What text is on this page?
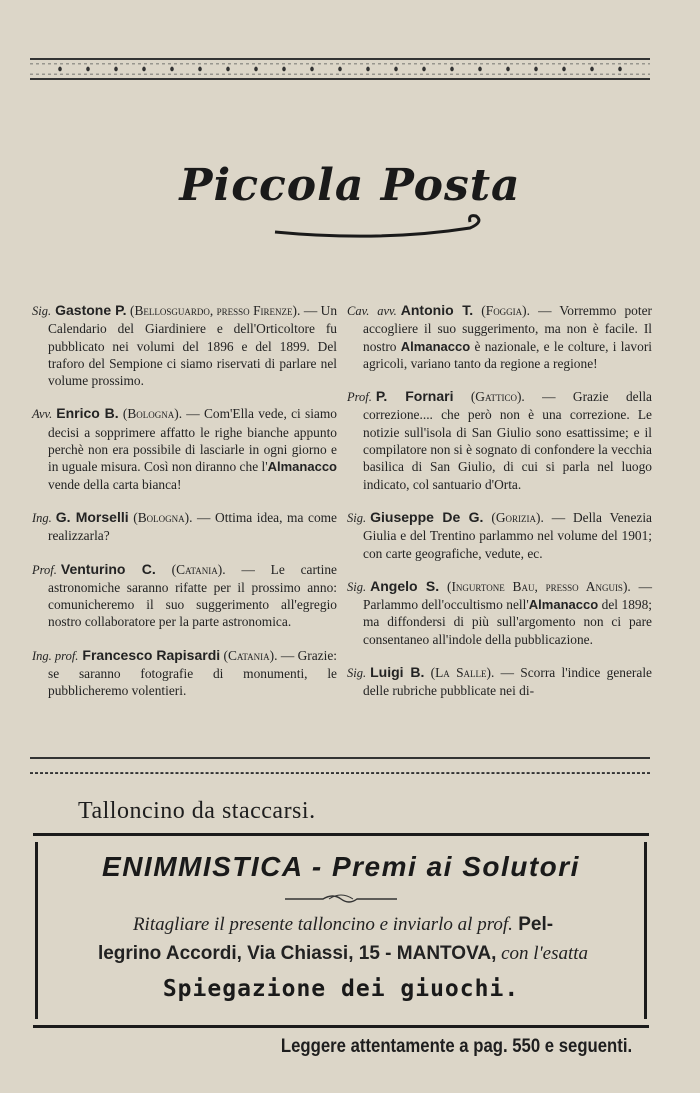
Piccola Posta

Sig. Gastone P. (Bellosguardo, presso Firenze). — Un Calendario del Giardiniere e dell'Orticoltore fu pubblicato nei volumi del 1896 e del 1899. Del traforo del Sempione ci siamo riservati di parlare nel volume prossimo.

Avv. Enrico B. (Bologna). — Com'Ella vede, ci siamo decisi a sopprimere affatto le righe bianche appunto perchè non era possibile di lasciarle in ogni giorno e in uguale misura. Così non diranno che l'Almanacco vende della carta bianca!

Ing. G. Morselli (Bologna). — Ottima idea, ma come realizzarla?

Prof. Venturino C. (Catania). — Le cartine astronomiche saranno rifatte per il prossimo anno: comunicheremo il suo suggerimento all'egregio nostro collaboratore per la parte astronomica.

Ing. prof. Francesco Rapisardi (Catania). — Grazie: se saranno fotografie di monumenti, le pubblicheremo volentieri.

Cav. avv. Antonio T. (Foggia). — Vorremmo poter accogliere il suo suggerimento, ma non è facile. Il nostro Almanacco è nazionale, e le colture, i lavori agricoli, variano tanto da regione a regione!

Prof. P. Fornari (Gattico). — Grazie della correzione.... che però non è una correzione. Le notizie sull'isola di San Giulio sono esattissime; e il compilatore non si è sognato di confondere la vecchia basilica di San Giulio, di cui si parla nel luogo indicato, col santuario d'Orta.

Sig. Giuseppe De G. (Gorizia). — Della Venezia Giulia e del Trentino parlammo nel volume del 1901; con carte geografiche, vedute, ec.

Sig. Angelo S. (Ingurtone Bau, presso Anguis). — Parlammo dell'occultismo nell'Almanacco del 1898; ma diffondersi di più sull'argomento non ci pare consentaneo all'indole della pubblicazione.

Sig. Luigi B. (La Salle). — Scorra l'indice generale delle rubriche pubblicate nei di-

Talloncino da staccarsi.
ENIMMISTICA - Premi ai Solutori
Ritagliare il presente talloncino e inviarlo al prof. Pel-
legrino Accordi, Via Chiassi, 15 - MANTOVA, con l'esatta
Spiegazione dei giuochi.
Leggere attentamente a pag. 550 e seguenti.
